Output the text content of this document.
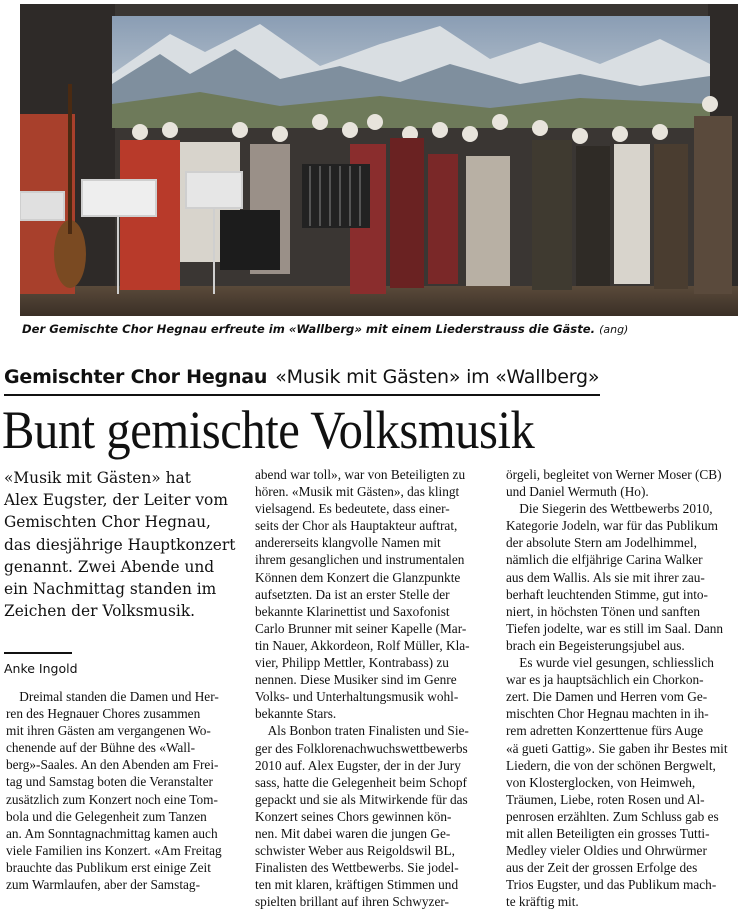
Der Gemischte Chor Hegnau erfreute im «Wallberg» mit einem Liederstrauss die Gäste. (ang)
Gemischter Chor Hegnau «Musik mit Gästen» im «Wallberg»
Bunt gemischte Volksmusik
«Musik mit Gästen» hat
Alex Eugster, der Leiter vom
Gemischten Chor Hegnau,
das diesjährige Hauptkonzert
genannt. Zwei Abende und
ein Nachmittag standen im
Zeichen der Volksmusik.
Anke Ingold
Dreimal standen die Damen und Her-
ren des Hegnauer Chores zusammen
mit ihren Gästen am vergangenen Wo-
chenende auf der Bühne des «Wall-
berg»-Saales. An den Abenden am Frei-
tag und Samstag boten die Veranstalter
zusätzlich zum Konzert noch eine Tom-
bola und die Gelegenheit zum Tanzen
an. Am Sonntagnachmittag kamen auch
viele Familien ins Konzert. «Am Freitag
brauchte das Publikum erst einige Zeit
zum Warmlaufen, aber der Samstag-
abend war toll», war von Beteiligten zu
hören. «Musik mit Gästen», das klingt
vielsagend. Es bedeutete, dass einer-
seits der Chor als Hauptakteur auftrat,
andererseits klangvolle Namen mit
ihrem gesanglichen und instrumentalen
Können dem Konzert die Glanzpunkte
aufsetzten. Da ist an erster Stelle der
bekannte Klarinettist und Saxofonist
Carlo Brunner mit seiner Kapelle (Mar-
tin Nauer, Akkordeon, Rolf Müller, Kla-
vier, Philipp Mettler, Kontrabass) zu
nennen. Diese Musiker sind im Genre
Volks- und Unterhaltungsmusik wohl-
bekannte Stars.
Als Bonbon traten Finalisten und Sie-
ger des Folklorenachwuchswettbewerbs
2010 auf. Alex Eugster, der in der Jury
sass, hatte die Gelegenheit beim Schopf
gepackt und sie als Mitwirkende für das
Konzert seines Chors gewinnen kön-
nen. Mit dabei waren die jungen Ge-
schwister Weber aus Reigoldswil BL,
Finalisten des Wettbewerbs. Sie jodel-
ten mit klaren, kräftigen Stimmen und
spielten brillant auf ihren Schwyzer-
örgeli, begleitet von Werner Moser (CB)
und Daniel Wermuth (Ho).
Die Siegerin des Wettbewerbs 2010,
Kategorie Jodeln, war für das Publikum
der absolute Stern am Jodelhimmel,
nämlich die elfjährige Carina Walker
aus dem Wallis. Als sie mit ihrer zau-
berhaft leuchtenden Stimme, gut into-
niert, in höchsten Tönen und sanften
Tiefen jodelte, war es still im Saal. Dann
brach ein Begeisterungsjubel aus.
Es wurde viel gesungen, schliesslich
war es ja hauptsächlich ein Chorkon-
zert. Die Damen und Herren vom Ge-
mischten Chor Hegnau machten in ih-
rem adretten Konzerttenue fürs Auge
«ä gueti Gattig». Sie gaben ihr Bestes mit
Liedern, die von der schönen Bergwelt,
von Klosterglocken, von Heimweh,
Träumen, Liebe, roten Rosen und Al-
penrosen erzählten. Zum Schluss gab es
mit allen Beteiligten ein grosses Tutti-
Medley vieler Oldies und Ohrwürmer
aus der Zeit der grossen Erfolge des
Trios Eugster, und das Publikum mach-
te kräftig mit.
